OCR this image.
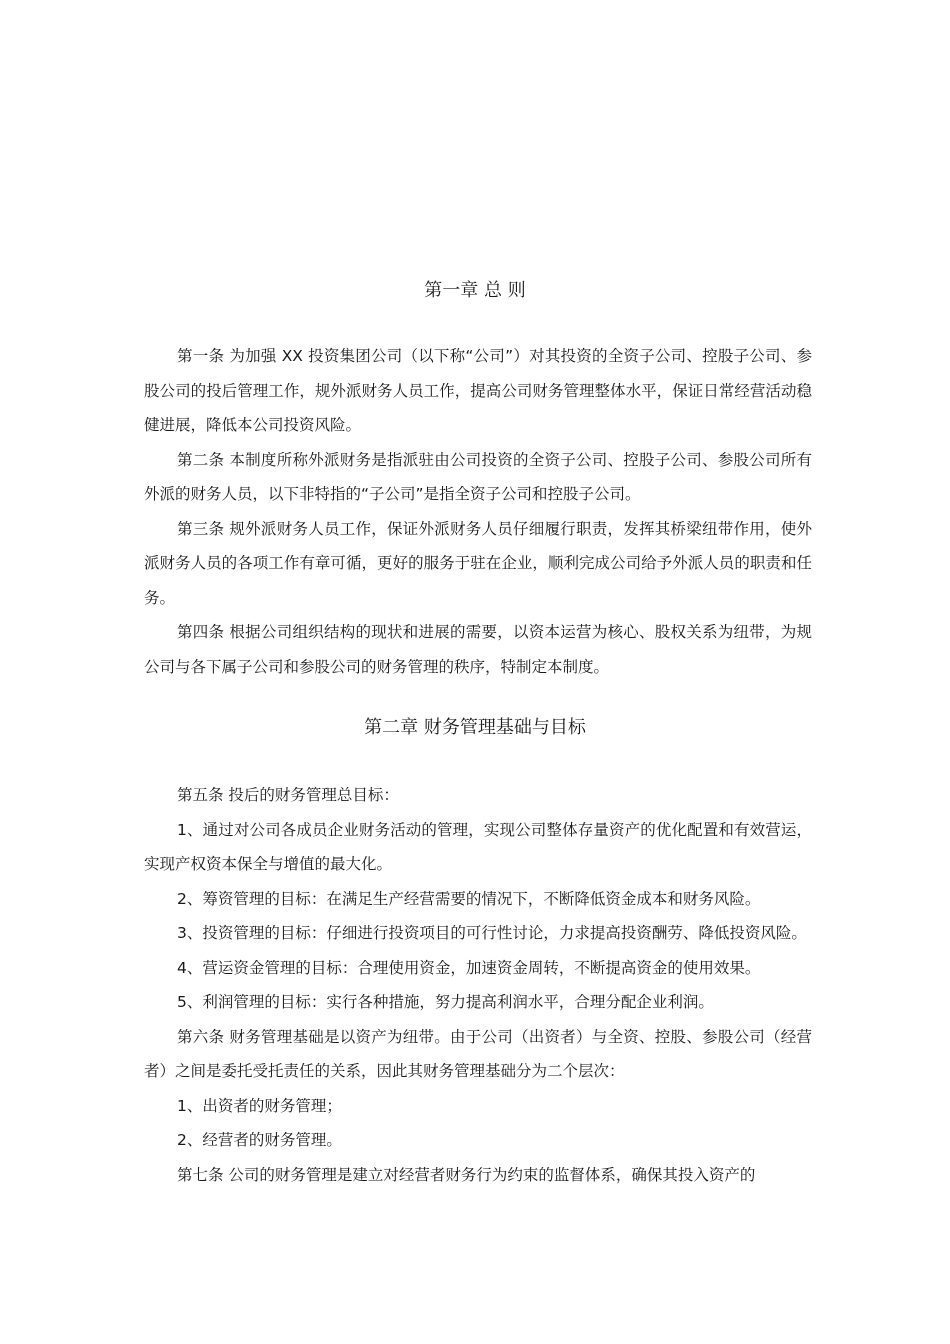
第一章 总 则

第一条 为加强 XX 投资集团公司（以下称“公司”）对其投资的全资子公司、控股子公司、参股公司的投后管理工作，规外派财务人员工作，提高公司财务管理整体水平，保证日常经营活动稳健进展，降低本公司投资风险。

第二条 本制度所称外派财务是指派驻由公司投资的全资子公司、控股子公司、参股公司所有外派的财务人员，以下非特指的“子公司”是指全资子公司和控股子公司。

第三条 规外派财务人员工作，保证外派财务人员仔细履行职责，发挥其桥梁纽带作用，使外派财务人员的各项工作有章可循，更好的服务于驻在企业，顺利完成公司给予外派人员的职责和任务。

第四条 根据公司组织结构的现状和进展的需要，以资本运营为核心、股权关系为纽带，为规公司与各下属子公司和参股公司的财务管理的秩序，特制定本制度。

第二章 财务管理基础与目标

第五条 投后的财务管理总目标：

1、通过对公司各成员企业财务活动的管理，实现公司整体存量资产的优化配置和有效营运，实现产权资本保全与增值的最大化。

2、筹资管理的目标：在满足生产经营需要的情况下，不断降低资金成本和财务风险。

3、投资管理的目标：仔细进行投资项目的可行性讨论，力求提高投资酬劳、降低投资风险。

4、营运资金管理的目标：合理使用资金，加速资金周转，不断提高资金的使用效果。

5、利润管理的目标：实行各种措施，努力提高利润水平，合理分配企业利润。

第六条 财务管理基础是以资产为纽带。由于公司（出资者）与全资、控股、参股公司（经营者）之间是委托受托责任的关系，因此其财务管理基础分为二个层次：

1、出资者的财务管理；

2、经营者的财务管理。

第七条 公司的财务管理是建立对经营者财务行为约束的监督体系，确保其投入资产的
